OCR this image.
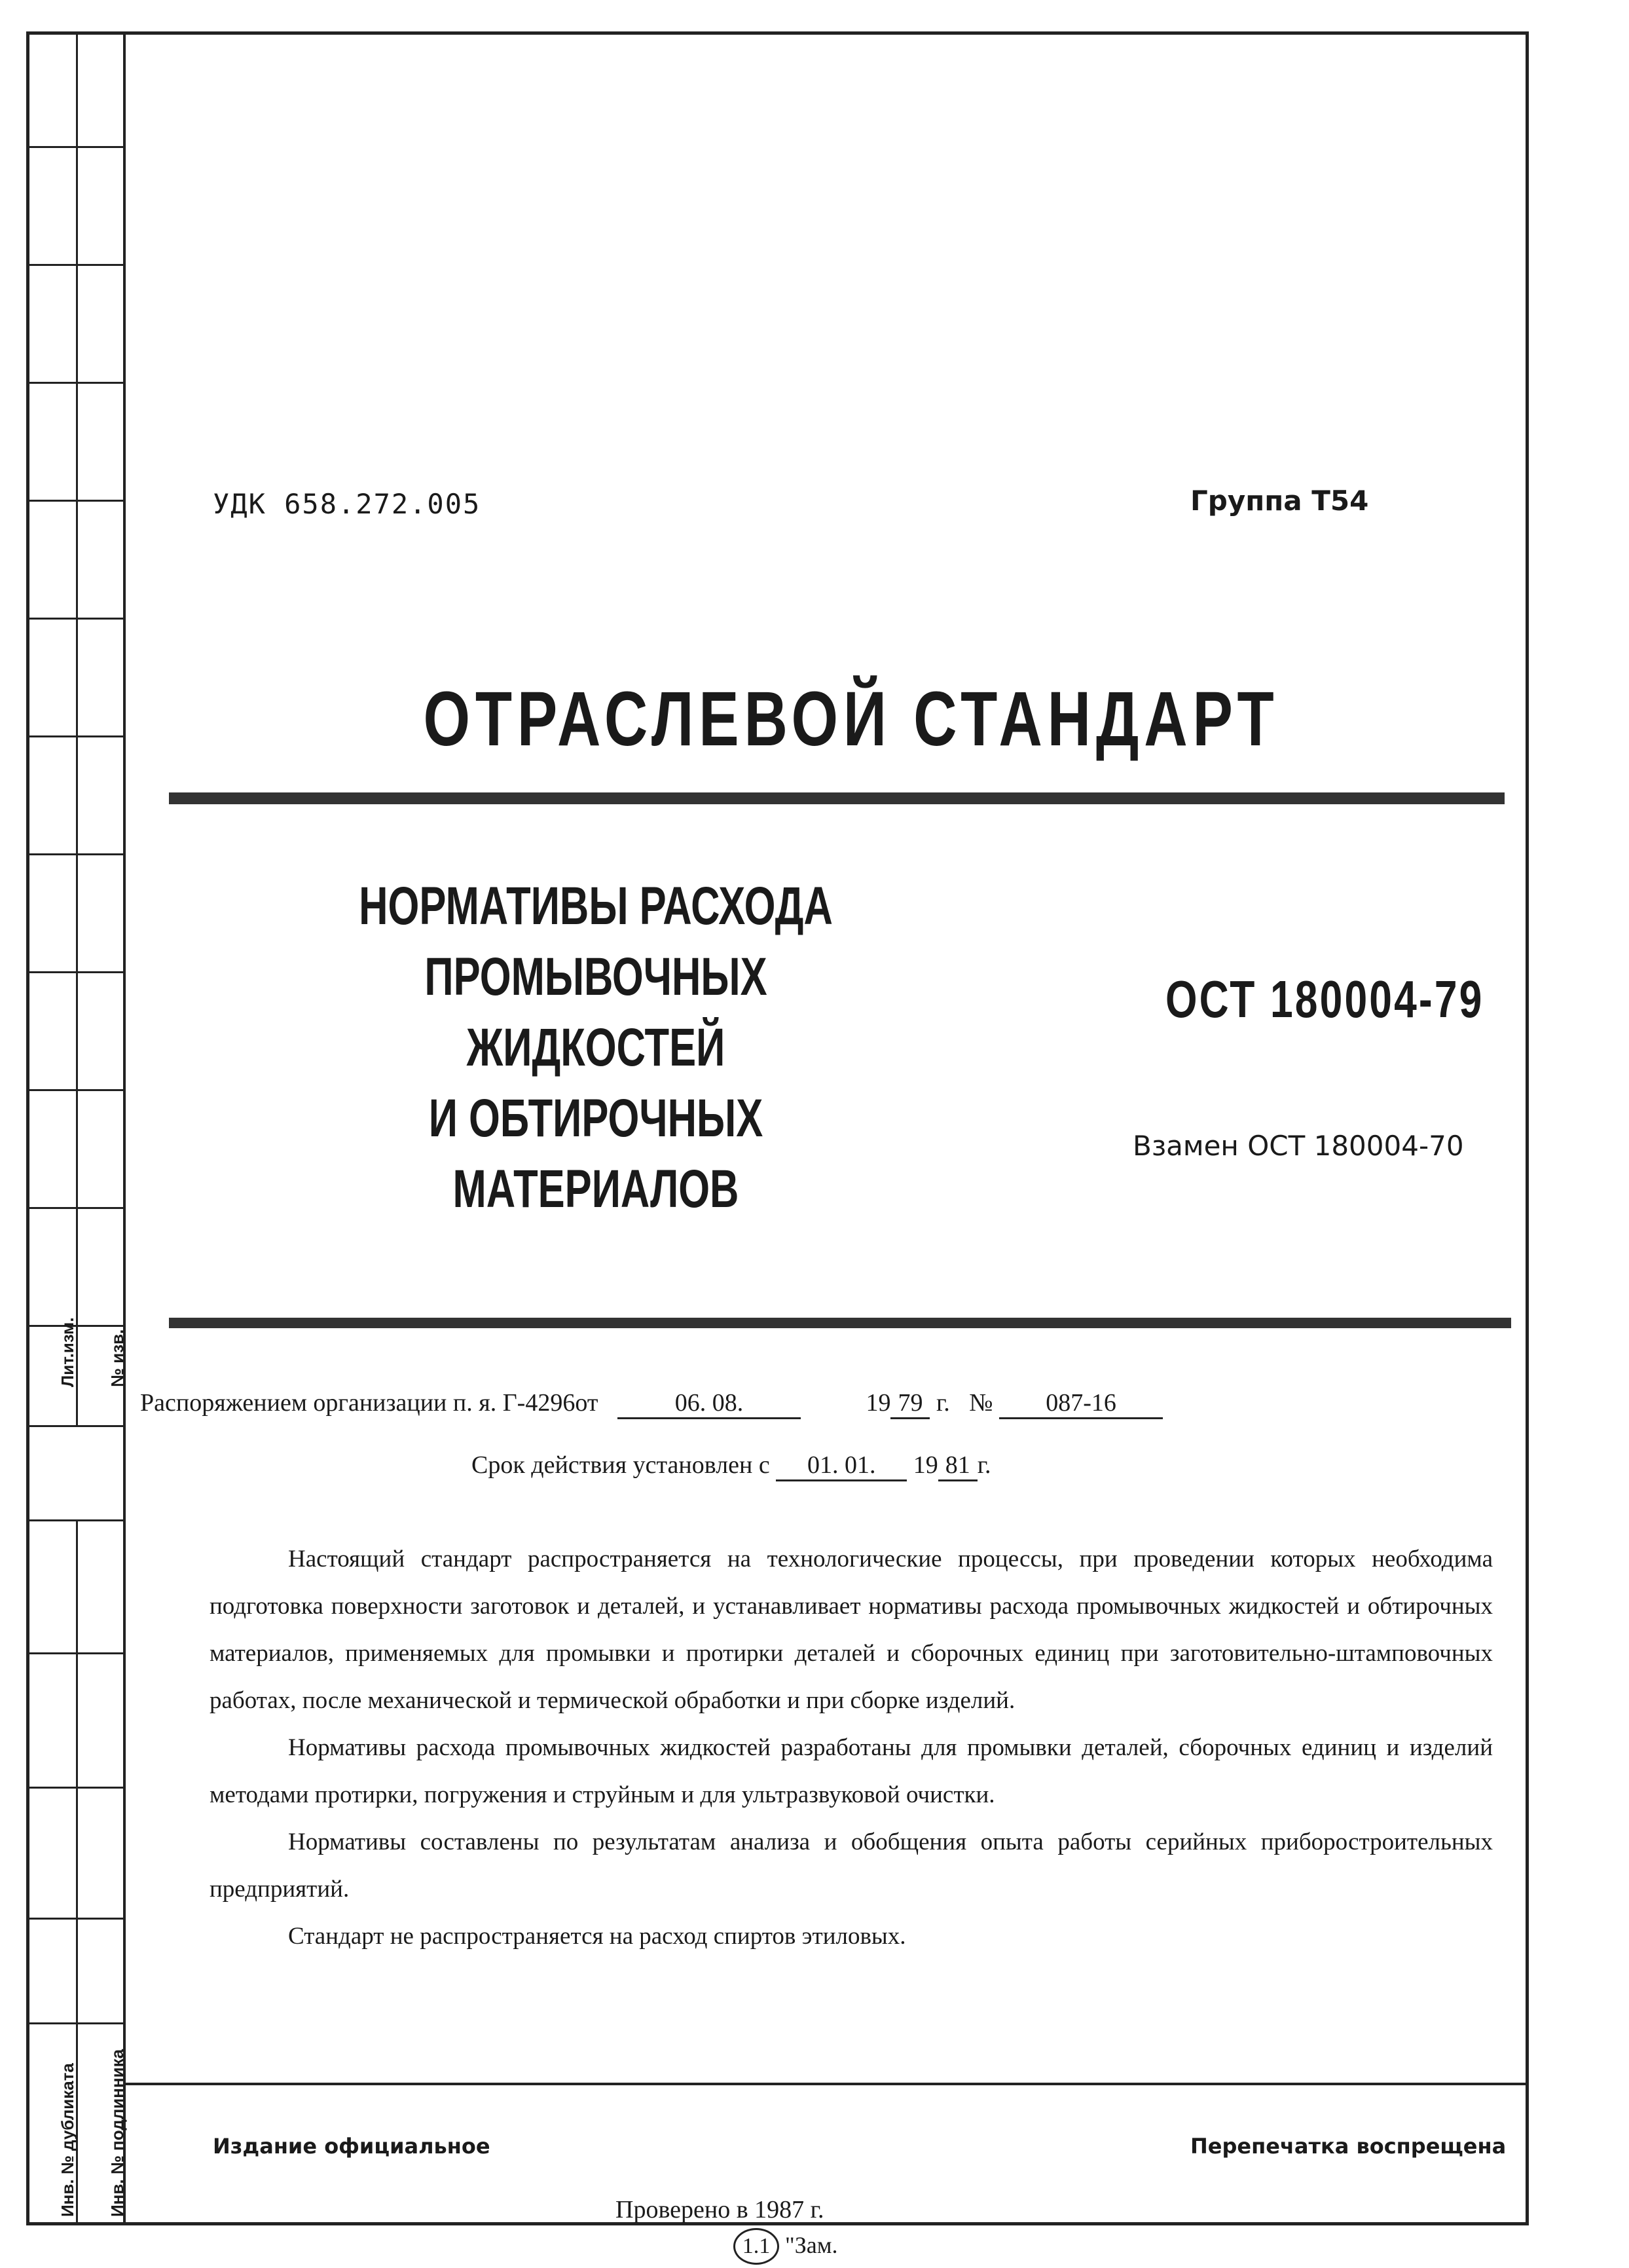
Лит.изм. № изв.
Инв. № дубликата Инв. № подлинника
УДК 658.272.005	Группа Т54
ОТРАСЛЕВОЙ СТАНДАРТ
НОРМАТИВЫ РАСХОДА
ПРОМЫВОЧНЫХ ЖИДКОСТЕЙ
И ОБТИРОЧНЫХ МАТЕРИАЛОВ
ОСТ 180004-79
Взамен ОСТ 180004-70
Распоряжением организации п. я. Г-4296от	06. 08.	19 79 г. № 087-16
Срок действия установлен с 01. 01. 19 81 г.

Настоящий стандарт распространяется на технологические процессы, при проведении которых необходима подготовка поверхности заготовок и деталей, и устанавливает нормативы расхода промывочных жидкостей и обтирочных материалов, применяемых для промывки и протирки деталей и сборочных единиц при заготовительно-штамповочных работах, после механической и термической обработки и при сборке изделий.

Нормативы расхода промывочных жидкостей разработаны для промывки деталей, сборочных единиц и изделий методами протирки, погружения и струйным и для ультразвуковой очистки.

Нормативы составлены по результатам анализа и обобщения опыта работы серийных приборостроительных предприятий.

Стандарт не распространяется на расход спиртов этиловых.

Издание официальное	Перепечатка воспрещена
Проверено в 1987 г.
1.1 "Зам.
